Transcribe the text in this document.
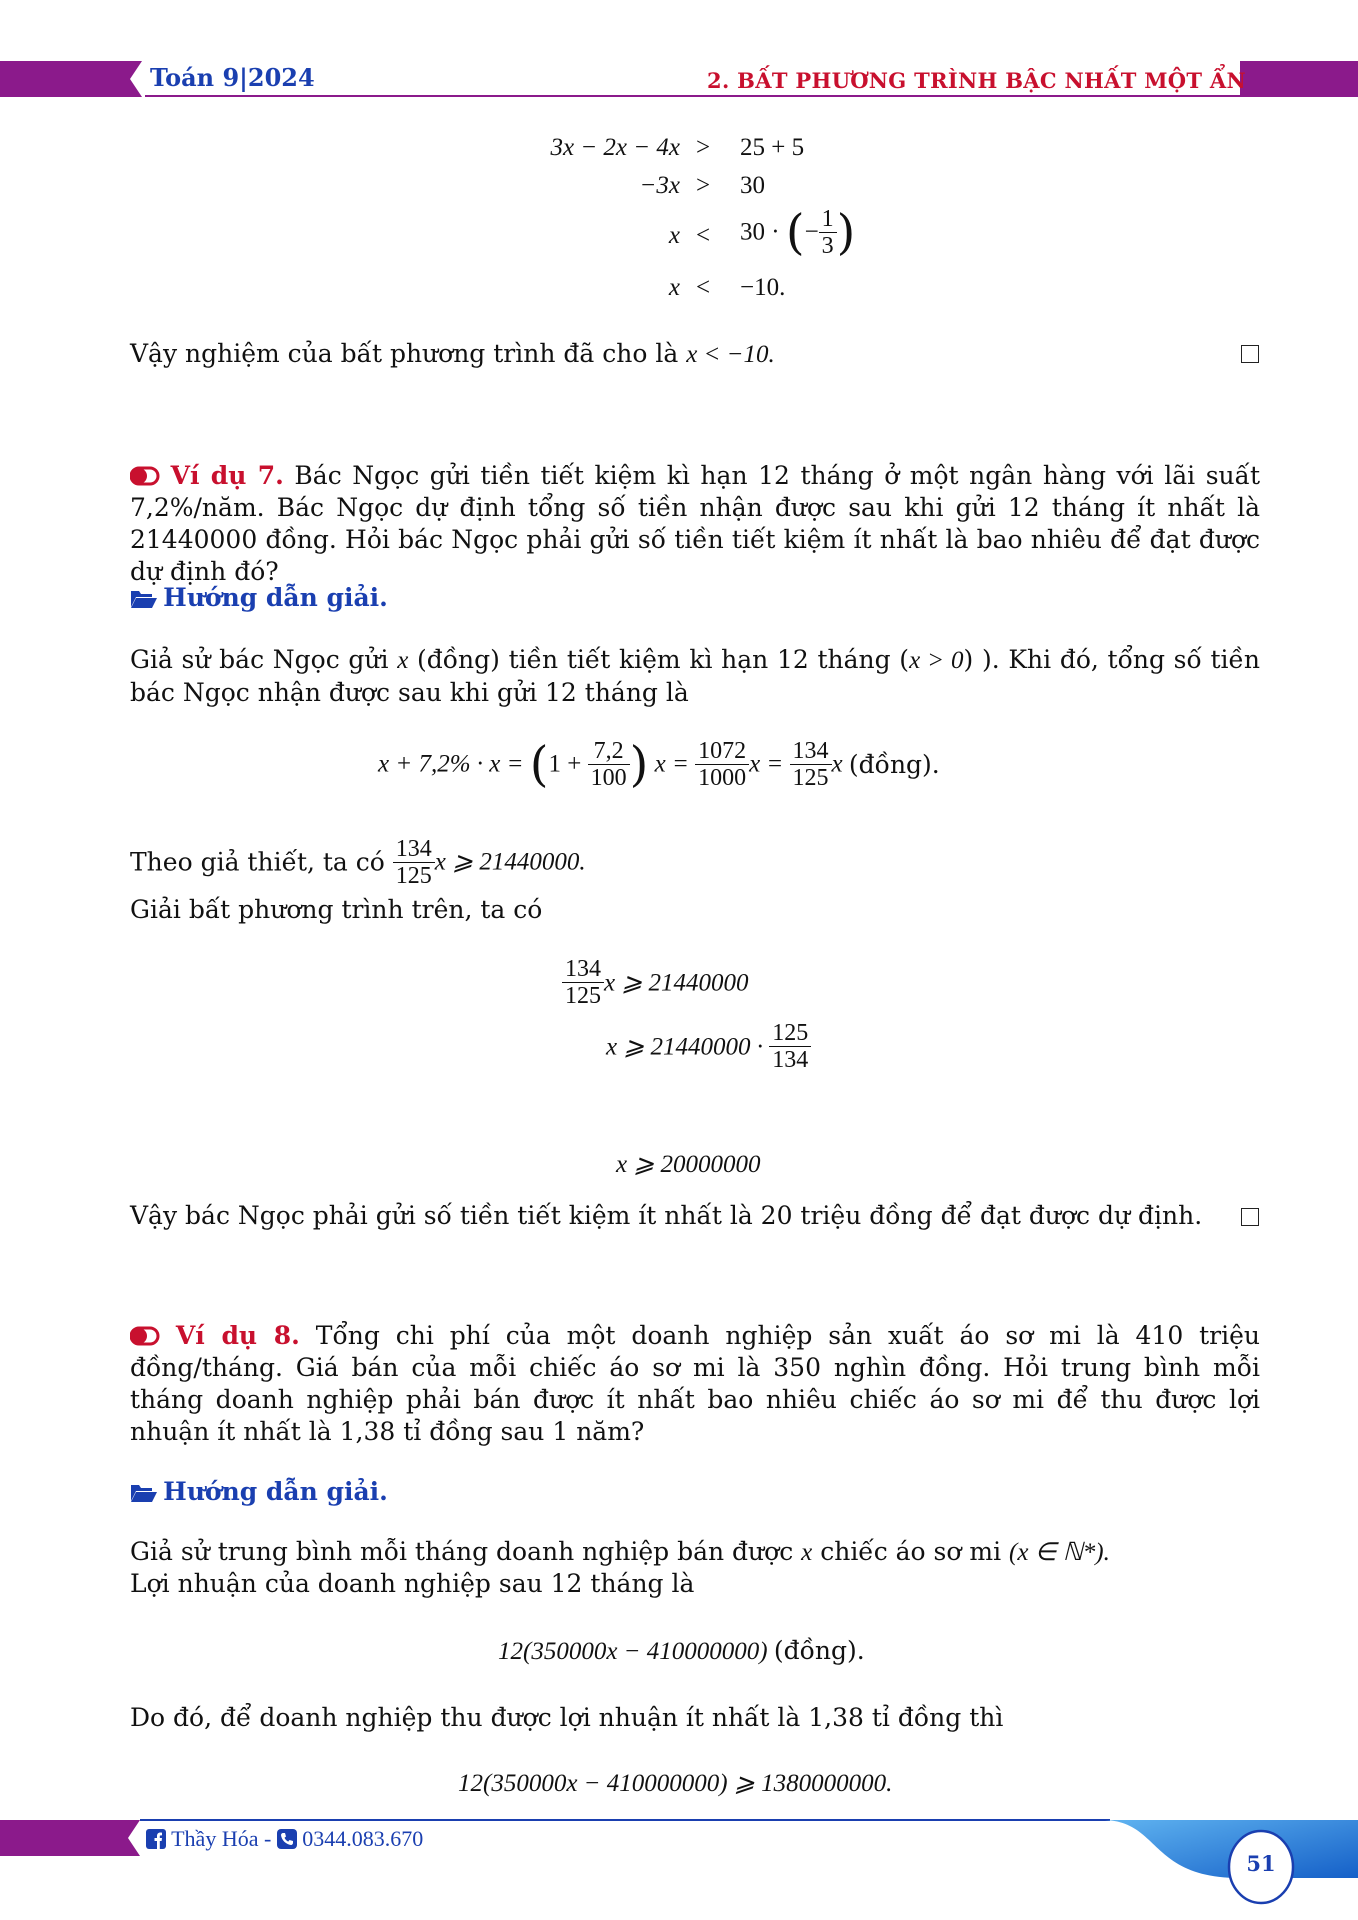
Toán 9|2024	2. BẤT PHƯƠNG TRÌNH BẬC NHẤT MỘT ẨN
3x − 2x − 4x > 25 + 5
−3x > 30
x < 30 · (− $\frac{1}{3}$ )
x < −10.
Vậy nghiệm của bất phương trình đã cho là x < −10.
Ví dụ 7. Bác Ngọc gửi tiền tiết kiệm kì hạn 12 tháng ở một ngân hàng với lãi suất 7,2%/năm. Bác Ngọc dự định tổng số tiền nhận được sau khi gửi 12 tháng ít nhất là 21440000 đồng. Hỏi bác Ngọc phải gửi số tiền tiết kiệm ít nhất là bao nhiêu để đạt được dự định đó?
Hướng dẫn giải.
Giả sử bác Ngọc gửi x (đồng) tiền tiết kiệm kì hạn 12 tháng (x > 0) ). Khi đó, tổng số tiền bác Ngọc nhận được sau khi gửi 12 tháng là
$x + 7,2\% \cdot x = (1 + \frac{7,2}{100}$ ) $x = \frac{1072}{1000}$ $x = \frac{134}{125}$ x (đồng).
Theo giả thiết, ta có $\frac{134}{125}$ x ⩾ 21440000.
Giải bất phương trình trên, ta có
$\frac{134}{125}$ x ⩾ 21440000
x ⩾ $21440000 \cdot \frac{125}{134}$
x ⩾ 20000000
Vậy bác Ngọc phải gửi số tiền tiết kiệm ít nhất là 20 triệu đồng để đạt được dự định.
Ví dụ 8. Tổng chi phí của một doanh nghiệp sản xuất áo sơ mi là 410 triệu đồng/tháng. Giá bán của mỗi chiếc áo sơ mi là 350 nghìn đồng. Hỏi trung bình mỗi tháng doanh nghiệp phải bán được ít nhất bao nhiêu chiếc áo sơ mi để thu được lợi nhuận ít nhất là 1,38 tỉ đồng sau 1 năm?
Hướng dẫn giải.
Giả sử trung bình mỗi tháng doanh nghiệp bán được x chiếc áo sơ mi (x ∈ ℕ*).
Lợi nhuận của doanh nghiệp sau 12 tháng là
12(350000x − 410000000) (đồng).
Do đó, để doanh nghiệp thu được lợi nhuận ít nhất là 1,38 tỉ đồng thì
12(350000x − 410000000) ⩾ 1380000000.
Thầy Hóa -  0344.083.670
51
